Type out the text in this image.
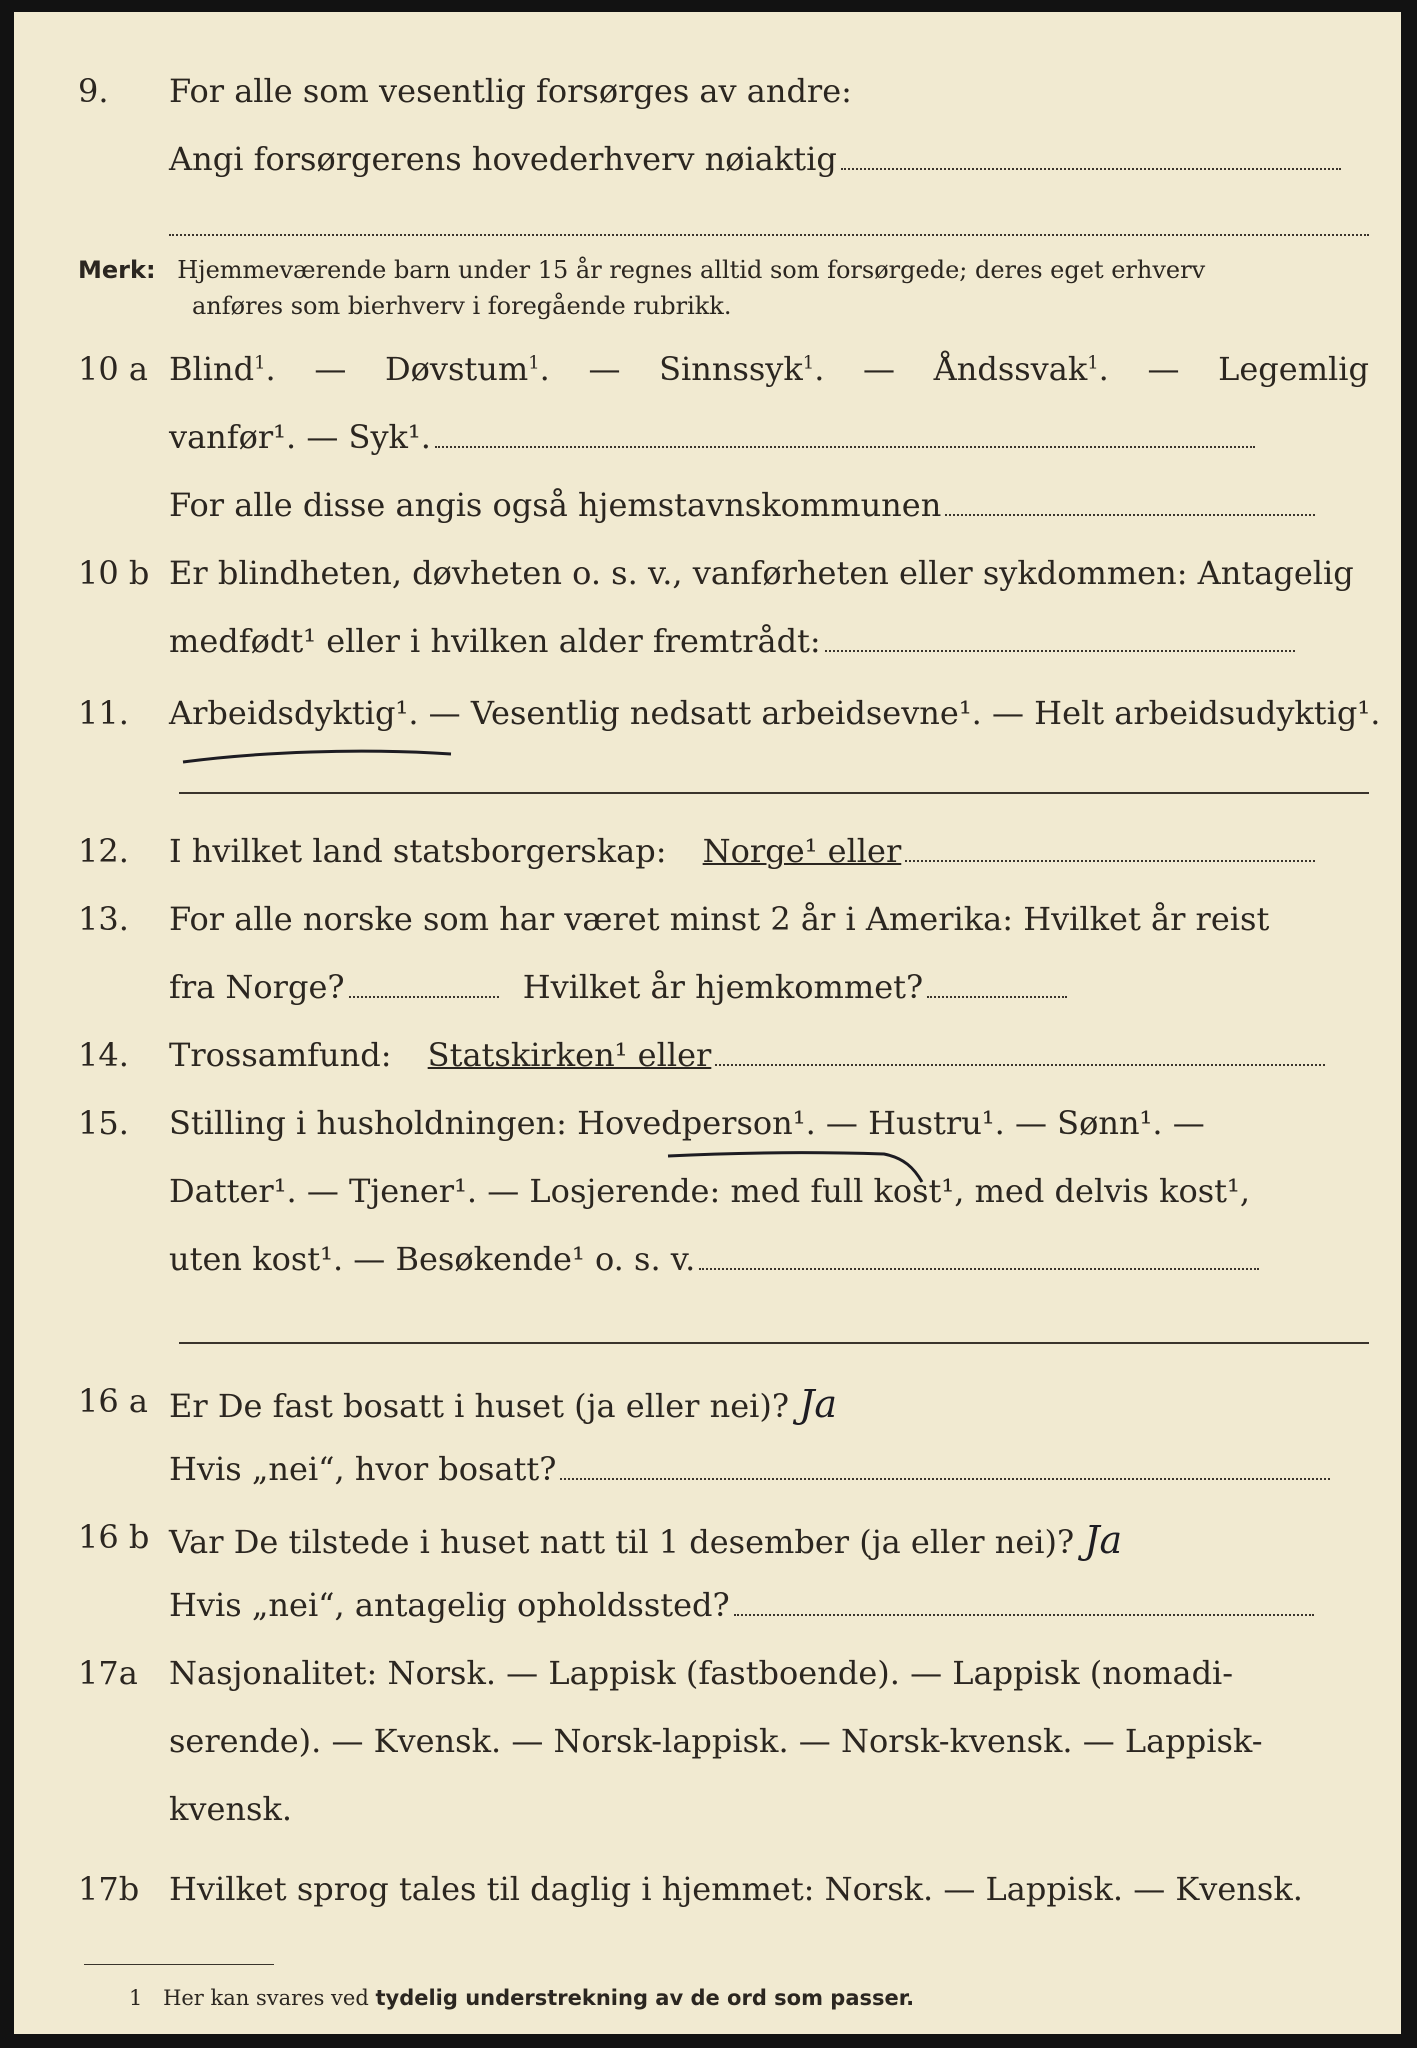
9. For alle som vesentlig forsørges av andre:
Angi forsørgerens hovederhverv nøiaktig
Merk: Hjemmeværende barn under 15 år regnes alltid som forsørgede; deres eget erhverv
anføres som bierhverv i foregående rubrikk.
10 a Blind$^1$. — Døvstum$^1$. — Sinnssyk$^1$. — Åndssvak$^1$. — Legemlig
vanfør¹. — Syk¹.
For alle disse angis også hjemstavnskommunen
10 b Er blindheten, døvheten o. s. v., vanførheten eller sykdommen: Antagelig
medfødt¹ eller i hvilken alder fremtrådt:
11. Arbeidsdyktig¹. — Vesentlig nedsatt arbeidsevne¹. — Helt arbeidsudyktig¹.
12. I hvilket land statsborgerskap: Norge¹ eller
13. For alle norske som har været minst 2 år i Amerika: Hvilket år reist
fra Norge?	Hvilket år hjemkommet?
14. Trossamfund: Statskirken¹ eller
15. Stilling i husholdningen: Hovedperson¹. — Hustru¹. — Sønn¹. —
Datter¹. — Tjener¹. — Losjerende: med full kost¹, med delvis kost¹,
uten kost¹. — Besøkende¹ o. s. v.
16 a Er De fast bosatt i huset (ja eller nei)? Ja
Hvis „nei“, hvor bosatt?
16 b Var De tilstede i huset natt til 1 desember (ja eller nei)? Ja
Hvis „nei“, antagelig opholdssted?
17a Nasjonalitet: Norsk. — Lappisk (fastboende). — Lappisk (nomadi-
serende). — Kvensk. — Norsk-lappisk. — Norsk-kvensk. — Lappisk-
kvensk.
17b Hvilket sprog tales til daglig i hjemmet: Norsk. — Lappisk. — Kvensk.
1 Her kan svares ved tydelig understrekning av de ord som passer.
